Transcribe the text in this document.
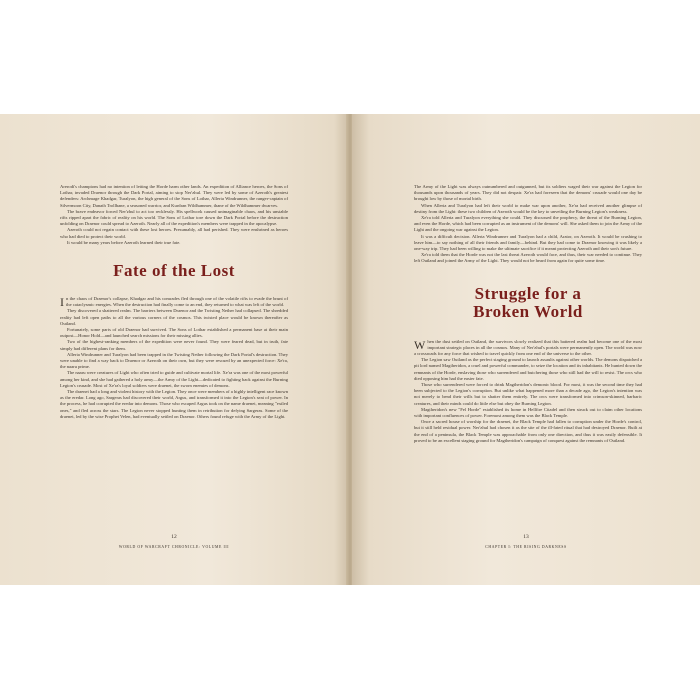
Arerodi's champions had no intention of letting the Horde harm other lands. An expedition of Alliance heroes, the Sons of Lothar, invaded Draenor through the Dark Portal, aiming to stop Ner'zhul. They were led by some of Azeroth's greatest defenders: Archmage Khadgar, Turalyon, the high general of the Sons of Lothar, Alleria Windrunner, the ranger-captain of Silvermoon City, Danath Trollbane, a seasoned warrior, and Kurdran Wildhammer, thane of the Wildhammer dwarves.

The brave endeavor forced Ner'zhul to act too recklessly. His spellwork caused unimaginable chaos, and his unstable rifts ripped apart the fabric of reality on his world. The Sons of Lothar tore down the Dark Portal before the destruction unfolding on Draenor could spread to Azeroth. Nearly all of the expedition's members were trapped in the apocalypse.

Azeroth could not regain contact with these lost heroes. Presumably, all had perished. They were enshrined as heroes who had died to protect their world.

It would be many years before Azeroth learned their true fate.

Fate of the Lost

In the chaos of Draenor's collapse, Khadgar and his comrades fled through one of the volatile rifts to evade the brunt of the cataclysmic energies. When the destruction had finally come to an end, they returned to what was left of the world.

They discovered a shattered realm. The barriers between Draenor and the Twisting Nether had collapsed. The shredded reality had left open paths to all the various corners of the cosmos. This twisted place would be known thereafter as Outland.

Fortunately, some parts of old Draenor had survived. The Sons of Lothar established a permanent base at their main outpost—Honor Hold—and launched search missions for their missing allies.

Two of the highest-ranking members of the expedition were never found. They were feared dead, but in truth, fate simply had different plans for them.

Alleria Windrunner and Turalyon had been trapped in the Twisting Nether following the Dark Portal's destruction. They were unable to find a way back to Draenor or Azeroth on their own, but they were rescued by an unexpected force: Xe'ra, the naaru prime.

The naaru were creatures of Light who often tried to guide and cultivate mortal life. Xe'ra was one of the most powerful among her kind, and she had gathered a holy army—the Army of the Light—dedicated to fighting back against the Burning Legion's crusade. Most of Xe'ra's loyal soldiers were draenei, the sworn enemies of demons.

The draenei had a long and violent history with the Legion. They once were members of a highly intelligent race known as the eredar. Long ago, Sargeras had discovered their world, Argus, and transformed it into the Legion's seat of power. In the process, he had corrupted the eredar into demons. Those who escaped Argus took on the name draenei, meaning "exiled ones," and fled across the stars. The Legion never stopped hunting them in retribution for defying Sargeras. Some of the draenei, led by the wise Prophet Velen, had eventually settled on Draenor. Others found refuge with the Army of the Light.

12
WORLD OF WARCRAFT CHRONICLE: VOLUME III

The Army of the Light was always outnumbered and outgunned, but its soldiers waged their war against the Legion for thousands upon thousands of years. They did not despair. Xe'ra had foreseen that the demons' crusade would one day be brought low by those of mortal birth.

When Alleria and Turalyon had left their world to make war upon another, Xe'ra had received another glimpse of destiny from the Light: these two children of Azeroth would be the key to unveiling the Burning Legion's weakness.

Xe'ra told Alleria and Turalyon everything she could. They discussed the prophecy, the threat of the Burning Legion, and even the Horde, which had been corrupted as an instrument of the demons' will. She asked them to join the Army of the Light and the ongoing war against the Legion.

It was a difficult decision. Alleria Windrunner and Turalyon had a child, Arator, on Azeroth. It would be crushing to leave him—to say nothing of all their friends and family—behind. But they had come to Draenor knowing it was likely a one-way trip. They had been willing to make the ultimate sacrifice if it meant protecting Azeroth and their son's future.

Xe'ra told them that the Horde was not the last threat Azeroth would face, and thus, their war needed to continue. They left Outland and joined the Army of the Light. They would not be heard from again for quite some time.

Struggle for a
Broken World

When the dust settled on Outland, the survivors slowly realized that this battered realm had become one of the most important strategic places in all the cosmos. Many of Ner'zhul's portals were permanently open. The world was now a crossroads for any force that wished to travel quickly from one end of the universe to the other.

The Legion saw Outland as the perfect staging ground to launch assaults against other worlds. The demons dispatched a pit lord named Magtheridon, a cruel and powerful commander, to seize the location and its inhabitants. He hunted down the remnants of the Horde, enslaving those who surrendered and butchering those who still had the will to resist. The orcs who died opposing him had the easier fate.

Those who surrendered were forced to drink Magtheridon's demonic blood. For most, it was the second time they had been subjected to the Legion's corruption. But unlike what happened more than a decade ago, the Legion's intention was not merely to bend their wills but to shatter them entirely. The orcs were transformed into crimson-skinned, barbaric creatures, and their minds could do little else but obey the Burning Legion.

Magtheridon's new "Fel Horde" established its home in Hellfire Citadel and then struck out to claim other locations with important confluences of power. Foremost among them was the Black Temple.

Once a sacred house of worship for the draenei, the Black Temple had fallen to corruption under the Horde's control, but it still held residual power. Ner'zhul had chosen it as the site of the ill-fated ritual that had destroyed Draenor. Built at the end of a peninsula, the Black Temple was approachable from only one direction, and thus it was easily defensible. It proved to be an excellent staging ground for Magtheridon's campaign of conquest against the remnants of Outland.

13
CHAPTER I: THE RISING DARKNESS
